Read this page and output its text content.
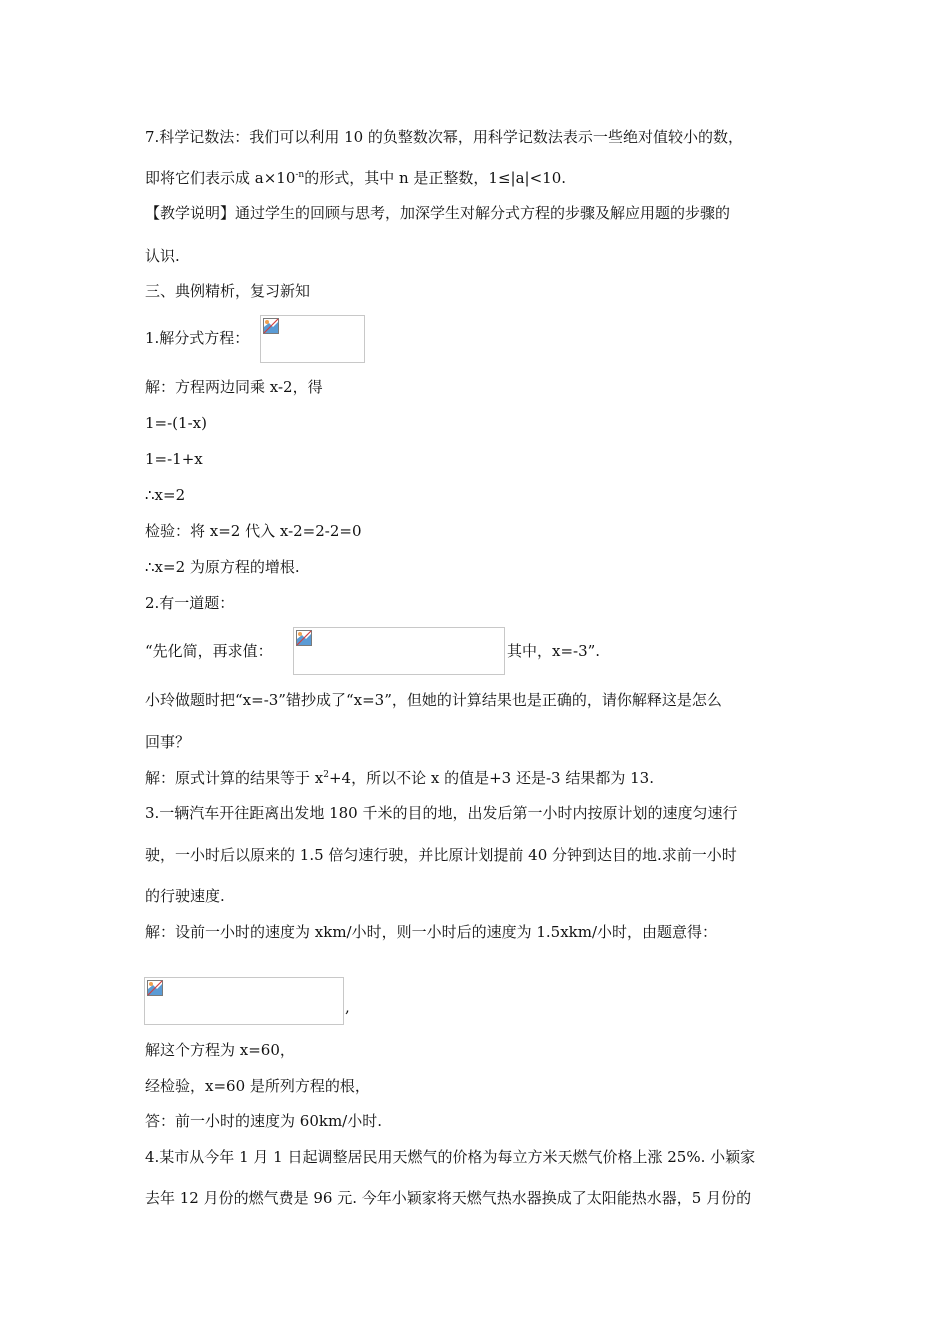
7.科学记数法：我们可以利用 10 的负整数次幂，用科学记数法表示一些绝对值较小的数，
即将它们表示成 $a\times 10^{-n}$的形式，其中 n 是正整数，1≤|a|<10.
【教学说明】通过学生的回顾与思考，加深学生对解分式方程的步骤及解应用题的步骤的
认识.
三、典例精析，复习新知
1.解分式方程：
解：方程两边同乘 x-2，得
1=-(1-x)
1=-1+x
∴x=2
检验：将 x=2 代入 x-2=2-2=0
∴x=2 为原方程的增根.
2.有一道题：
“先化简，再求值：	其中，x=-3”.
小玲做题时把“x=-3”错抄成了“x=3”，但她的计算结果也是正确的，请你解释这是怎么
回事？
解：原式计算的结果等于 $x^2+4$，所以不论 x 的值是+3 还是-3 结果都为 13.
3.一辆汽车开往距离出发地 180 千米的目的地，出发后第一小时内按原计划的速度匀速行
驶，一小时后以原来的 1.5 倍匀速行驶，并比原计划提前 40 分钟到达目的地.求前一小时
的行驶速度.
解：设前一小时的速度为 xkm/小时，则一小时后的速度为 1.5xkm/小时，由题意得：
,
解这个方程为 x=60，
经检验，x=60 是所列方程的根，
答：前一小时的速度为 60km/小时.
4.某市从今年 1 月 1 日起调整居民用天燃气的价格为每立方米天燃气价格上涨 25%. 小颖家
去年 12 月份的燃气费是 96 元. 今年小颖家将天燃气热水器换成了太阳能热水器，5 月份的
